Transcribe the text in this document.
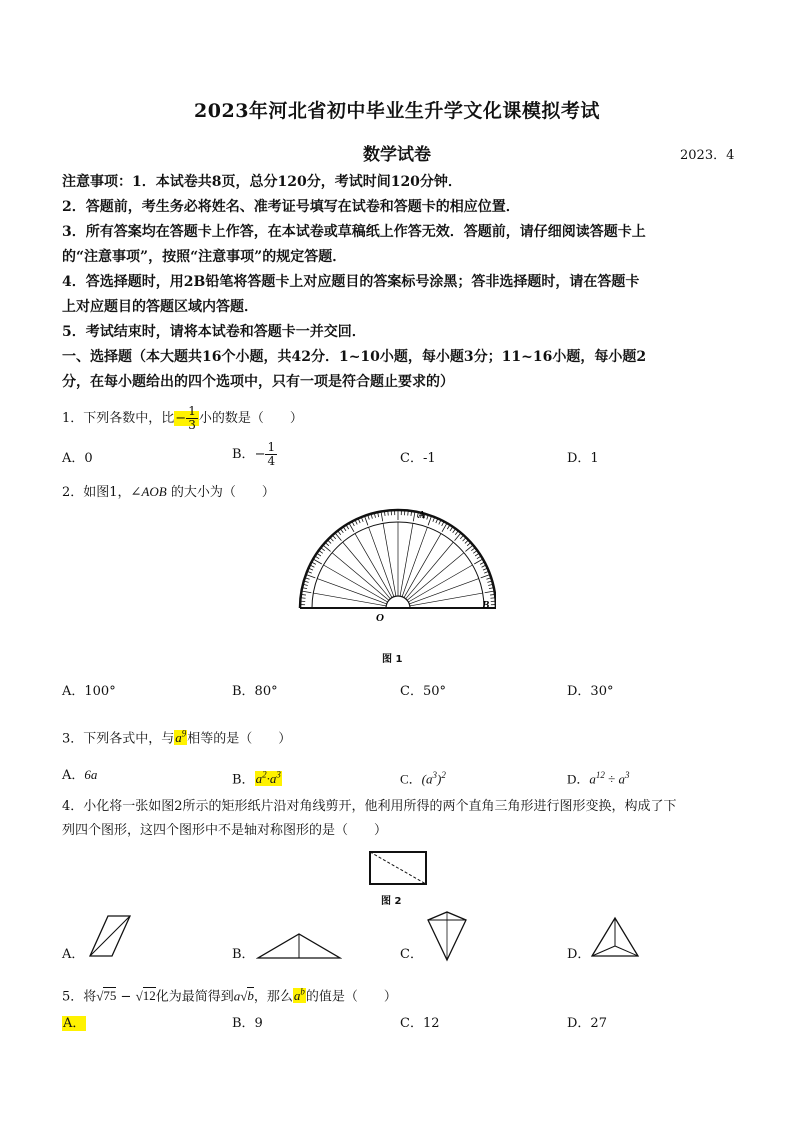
2023年河北省初中毕业生升学文化课模拟考试
数学试卷	2023．4
注意事项：1．本试卷共8页，总分120分，考试时间120分钟．
2．答题前，考生务必将姓名、准考证号填写在试卷和答题卡的相应位置．
3．所有答案均在答题卡上作答，在本试卷或草稿纸上作答无效．答题前，请仔细阅读答题卡上
的“注意事项”，按照“注意事项”的规定答题．
4．答选择题时，用2B铅笔将答题卡上对应题目的答案标号涂黑；答非选择题时，请在答题卡
上对应题目的答题区域内答题．
5．考试结束时，请将本试卷和答题卡一并交回．
一、选择题（本大题共16个小题，共42分．1~10小题，每小题3分；11~16小题，每小题2
分，在每小题给出的四个选项中，只有一项是符合题止要求的）
1．下列各数中，比− $\frac{1}{3}$ 小的数是（　　）
A．0	B．− $\frac{1}{4}$	C．-1	D．1
2．如图1，∠AOB 的大小为（　　）
A
B
O
图 1
A．100°	B．80°	C．50°	D．30°
3．下列各式中，与$a^9$相等的是（　　）
A．6a	B．$a^2\cdot a^3$	C．$(a^3)^2$	D．$a^{12} \div a^3$
4．小化将一张如图2所示的矩形纸片沿对角线剪开，他利用所得的两个直角三角形进行图形变换，构成了下
列四个图形，这四个图形中不是轴对称图形的是（　　）
图 2
A．	B．	C．	D．
5．将√75 − √12化为最简得到a√b，那么$a^b$的值是（　　）
A．	B．9	C．12	D．27
